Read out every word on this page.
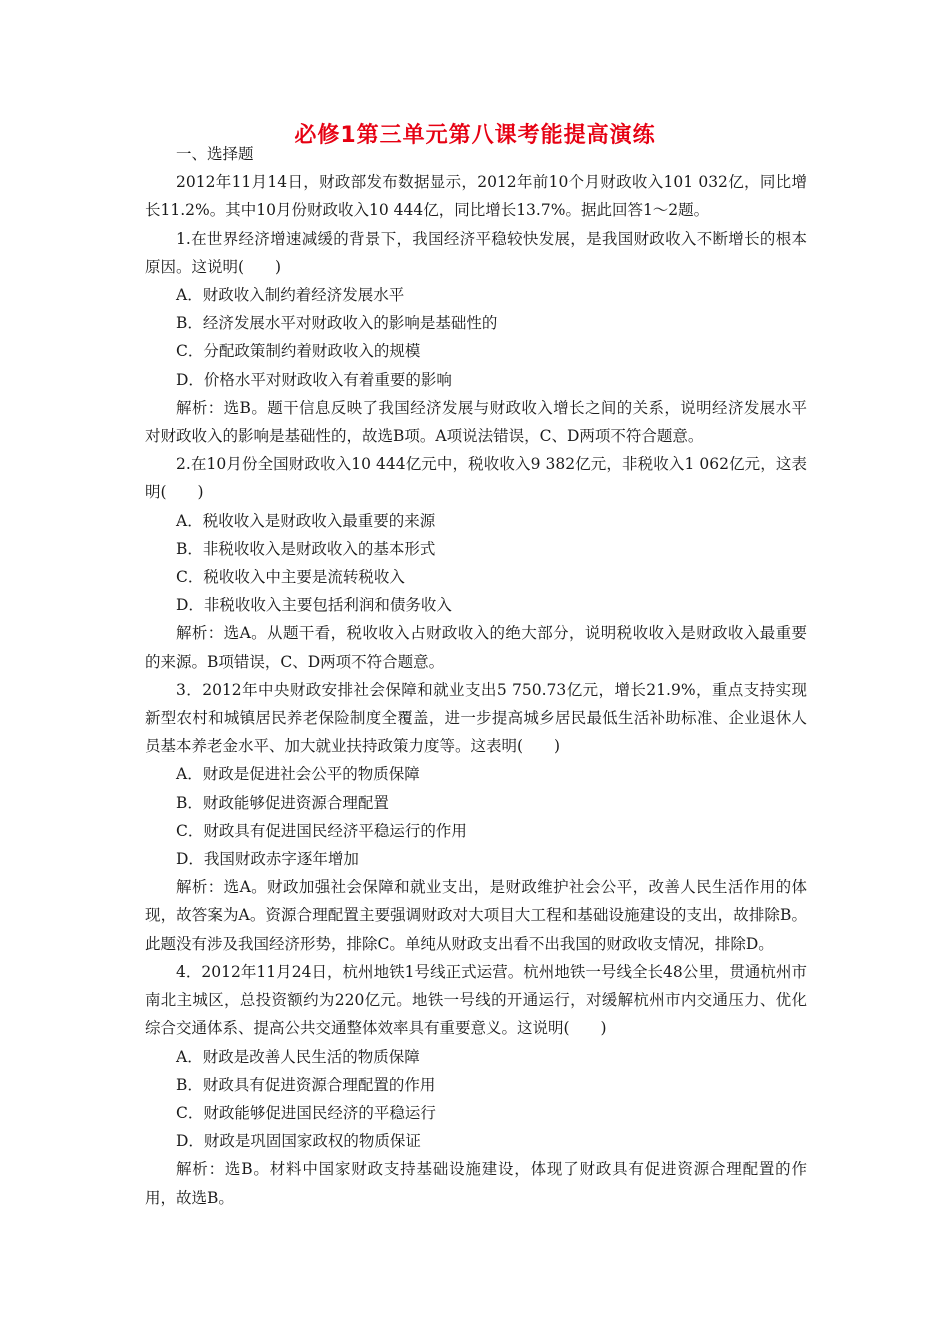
必修1第三单元第八课考能提高演练

一、选择题

2012年11月14日，财政部发布数据显示，2012年前10个月财政收入101 032亿，同比增长11.2%。其中10月份财政收入10 444亿，同比增长13.7%。据此回答1～2题。

1.在世界经济增速减缓的背景下，我国经济平稳较快发展，是我国财政收入不断增长的根本原因。这说明(　　)

A．财政收入制约着经济发展水平

B．经济发展水平对财政收入的影响是基础性的

C．分配政策制约着财政收入的规模

D．价格水平对财政收入有着重要的影响

解析：选B。题干信息反映了我国经济发展与财政收入增长之间的关系，说明经济发展水平对财政收入的影响是基础性的，故选B项。A项说法错误，C、D两项不符合题意。

2.在10月份全国财政收入10 444亿元中，税收收入9 382亿元，非税收入1 062亿元，这表明(　　)

A．税收收入是财政收入最重要的来源

B．非税收收入是财政收入的基本形式

C．税收收入中主要是流转税收入

D．非税收收入主要包括利润和债务收入

解析：选A。从题干看，税收收入占财政收入的绝大部分，说明税收收入是财政收入最重要的来源。B项错误，C、D两项不符合题意。

3．2012年中央财政安排社会保障和就业支出5 750.73亿元，增长21.9%，重点支持实现新型农村和城镇居民养老保险制度全覆盖，进一步提高城乡居民最低生活补助标准、企业退休人员基本养老金水平、加大就业扶持政策力度等。这表明(　　)

A．财政是促进社会公平的物质保障

B．财政能够促进资源合理配置

C．财政具有促进国民经济平稳运行的作用

D．我国财政赤字逐年增加

解析：选A。财政加强社会保障和就业支出，是财政维护社会公平，改善人民生活作用的体现，故答案为A。资源合理配置主要强调财政对大项目大工程和基础设施建设的支出，故排除B。此题没有涉及我国经济形势，排除C。单纯从财政支出看不出我国的财政收支情况，排除D。

4．2012年11月24日，杭州地铁1号线正式运营。杭州地铁一号线全长48公里，贯通杭州市南北主城区，总投资额约为220亿元。地铁一号线的开通运行，对缓解杭州市内交通压力、优化综合交通体系、提高公共交通整体效率具有重要意义。这说明(　　)

A．财政是改善人民生活的物质保障

B．财政具有促进资源合理配置的作用

C．财政能够促进国民经济的平稳运行

D．财政是巩固国家政权的物质保证

解析：选B。材料中国家财政支持基础设施建设，体现了财政具有促进资源合理配置的作用，故选B。
